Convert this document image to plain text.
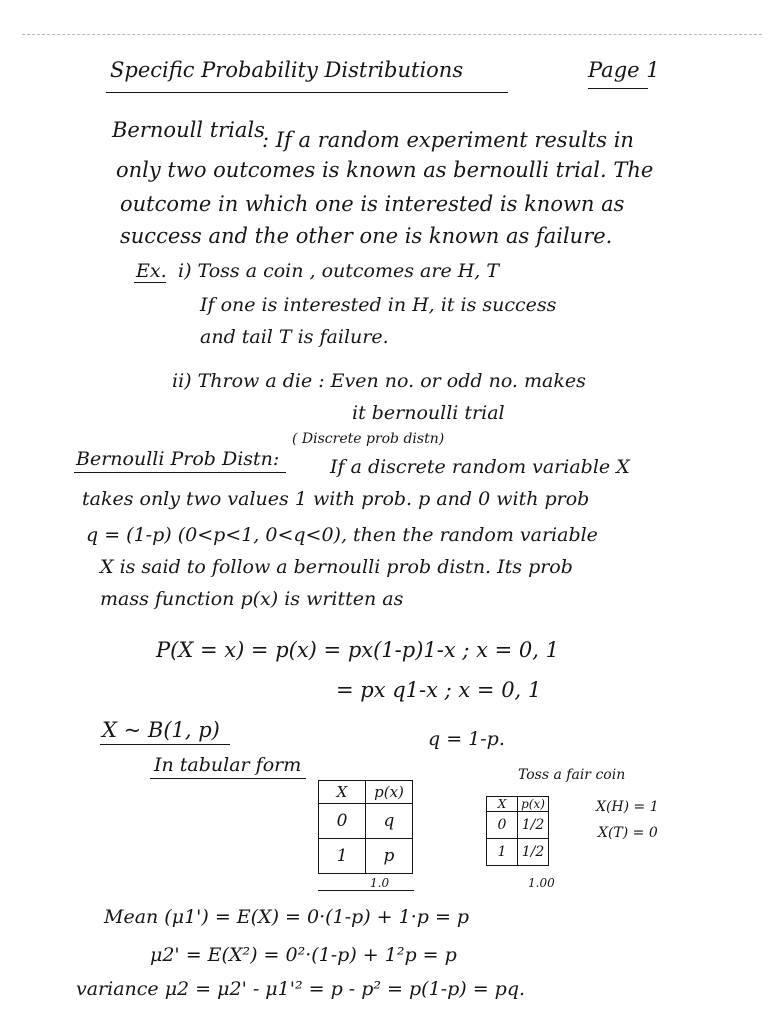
Specific Probability Distributions	Page 1
Bernoull trials
: If a random experiment results in
only two outcomes is known as bernoulli trial. The
outcome in which one is interested is known as
success and the other one is known as failure.
Ex. i) Toss a coin , outcomes are H, T
If one is interested in H, it is success
and tail T is failure.
ii) Throw a die : Even no. or odd no. makes
it bernoulli trial
( Discrete prob distn)
Bernoulli Prob Distn:	If a discrete random variable X
takes only two values 1 with prob. p and 0 with prob
q = (1-p) (0<p<1, 0<q<0), then the random variable
X is said to follow a bernoulli prob distn. Its prob
mass function p(x) is written as
P(X = x) = p(x) = px(1-p)1-x ; x = 0, 1
= px q1-x ; x = 0, 1
X ~ B(1, p)	q = 1-p.
In tabular form
X	p(x)
0	q
1	p
1.0
Toss a fair coin
X	p(x)
0	1/2
1	1/2
1.00
X(H) = 1
X(T) = 0
Mean (μ1') = E(X) = 0·(1-p) + 1·p = p
μ2' = E(X²) = 0²·(1-p) + 1²p = p
variance μ2 = μ2' - μ1'² = p - p² = p(1-p) = pq.
